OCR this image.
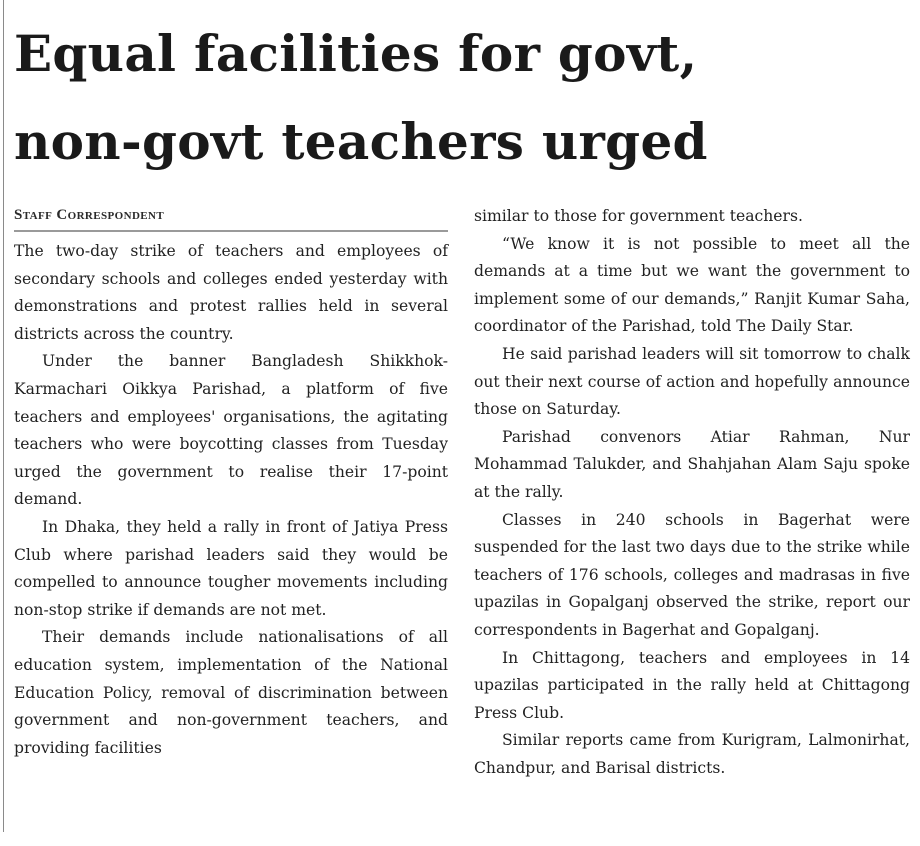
Equal facilities for govt,
non-govt teachers urged
Staff Correspondent

The two-day strike of teachers and employees of secondary schools and colleges ended yesterday with demonstrations and protest rallies held in several districts across the country.

Under the banner Bangladesh Shikkhok-Karmachari Oikkya Parishad, a platform of five teachers and employees' organisations, the agitating teachers who were boycotting classes from Tuesday urged the government to realise their 17-point demand.

In Dhaka, they held a rally in front of Jatiya Press Club where parishad leaders said they would be compelled to announce tougher movements including non-stop strike if demands are not met.

Their demands include nationalisations of all education system, implementation of the National Education Policy, removal of discrimination between government and non-government teachers, and providing facilities

similar to those for government teachers.

“We know it is not possible to meet all the demands at a time but we want the government to implement some of our demands,” Ranjit Kumar Saha, coordinator of the Parishad, told The Daily Star.

He said parishad leaders will sit tomorrow to chalk out their next course of action and hopefully announce those on Saturday.

Parishad convenors Atiar Rahman, Nur Mohammad Talukder, and Shahjahan Alam Saju spoke at the rally.

Classes in 240 schools in Bagerhat were suspended for the last two days due to the strike while teachers of 176 schools, colleges and madrasas in five upazilas in Gopalganj observed the strike, report our correspondents in Bagerhat and Gopalganj.

In Chittagong, teachers and employees in 14 upazilas participated in the rally held at Chittagong Press Club.

Similar reports came from Kurigram, Lalmonirhat, Chandpur, and Barisal districts.
